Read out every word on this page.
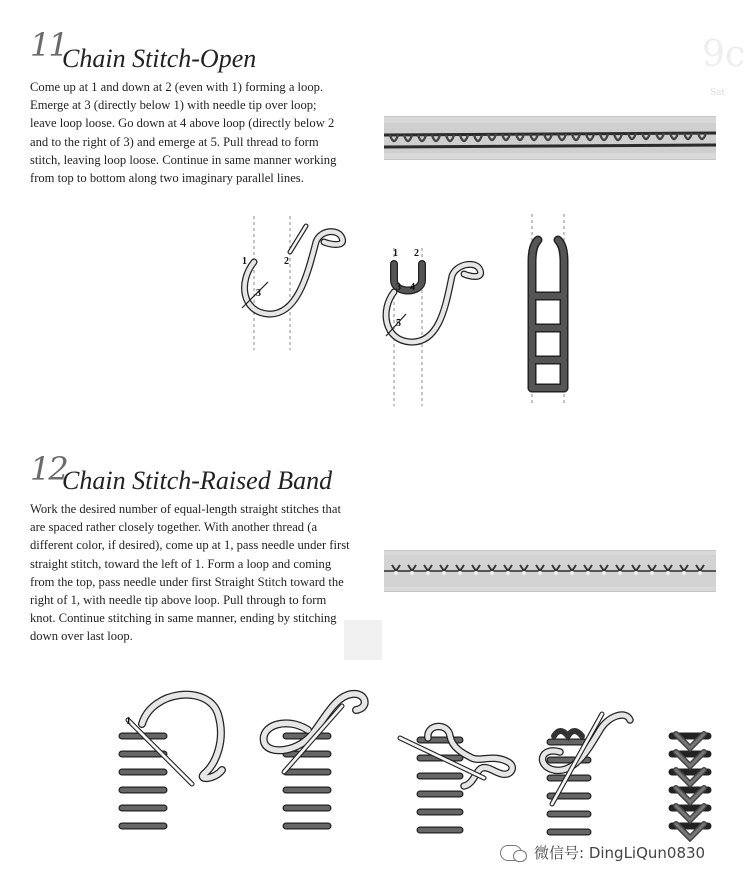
9c
Sat
11
Chain Stitch-Open

Come up at 1 and down at 2 (even with 1) forming a loop. Emerge at 3 (directly below 1) with needle tip over loop; leave loop loose. Go down at 4 above loop (directly below 2 and to the right of 3) and emerge at 5. Pull thread to form stitch, leaving loop loose. Continue in same manner working from top to bottom along two imaginary parallel lines.

1	2
3
1 2
3 4
5
12
Chain Stitch-Raised Band

Work the desired number of equal-length straight stitches that are spaced rather closely together. With another thread (a different color, if desired), come up at 1, pass needle under first straight stitch, toward the left of 1. Form a loop and coming from the top, pass needle under first Straight Stitch toward the right of 1, with needle tip above loop. Pull through to form knot. Continue stitching in same manner, ending by stitching down over last loop.

1
微信号: DingLiQun0830
